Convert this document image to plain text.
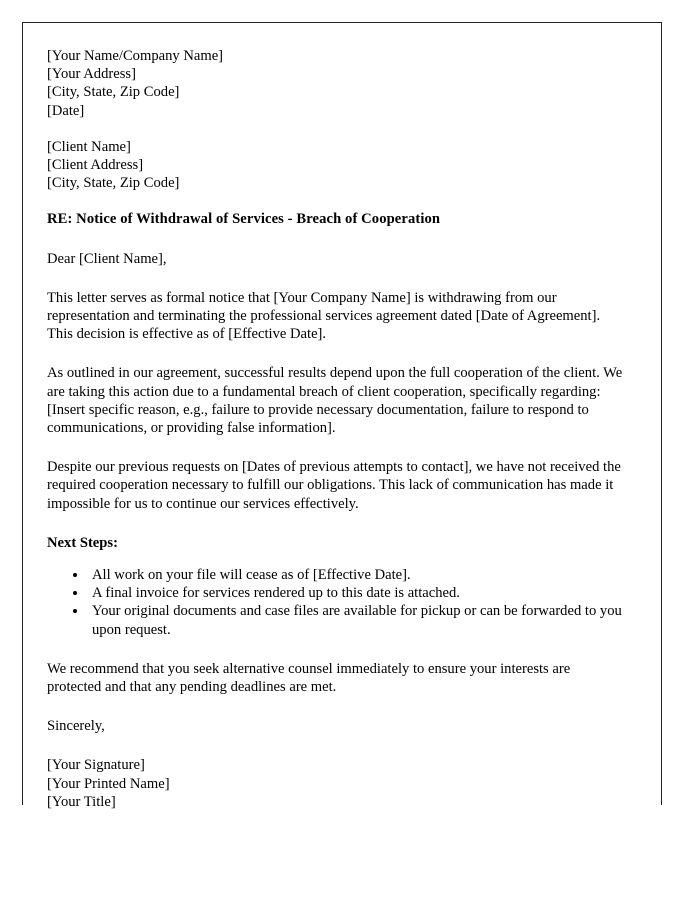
[Your Name/Company Name]

[Your Address]

[City, State, Zip Code]

[Date]

[Client Name]

[Client Address]

[City, State, Zip Code]

RE: Notice of Withdrawal of Services - Breach of Cooperation

Dear [Client Name],

This letter serves as formal notice that [Your Company Name] is withdrawing from our representation and terminating the professional services agreement dated [Date of Agreement]. This decision is effective as of [Effective Date].

As outlined in our agreement, successful results depend upon the full cooperation of the client. We are taking this action due to a fundamental breach of client cooperation, specifically regarding:

[Insert specific reason, e.g., failure to provide necessary documentation, failure to respond to communications, or providing false information].

Despite our previous requests on [Dates of previous attempts to contact], we have not received the required cooperation necessary to fulfill our obligations. This lack of communication has made it impossible for us to continue our services effectively.

Next Steps:

• All work on your file will cease as of [Effective Date].
• A final invoice for services rendered up to this date is attached.
• Your original documents and case files are available for pickup or can be forwarded to you upon request.

We recommend that you seek alternative counsel immediately to ensure your interests are protected and that any pending deadlines are met.

Sincerely,

[Your Signature]

[Your Printed Name]

[Your Title]
